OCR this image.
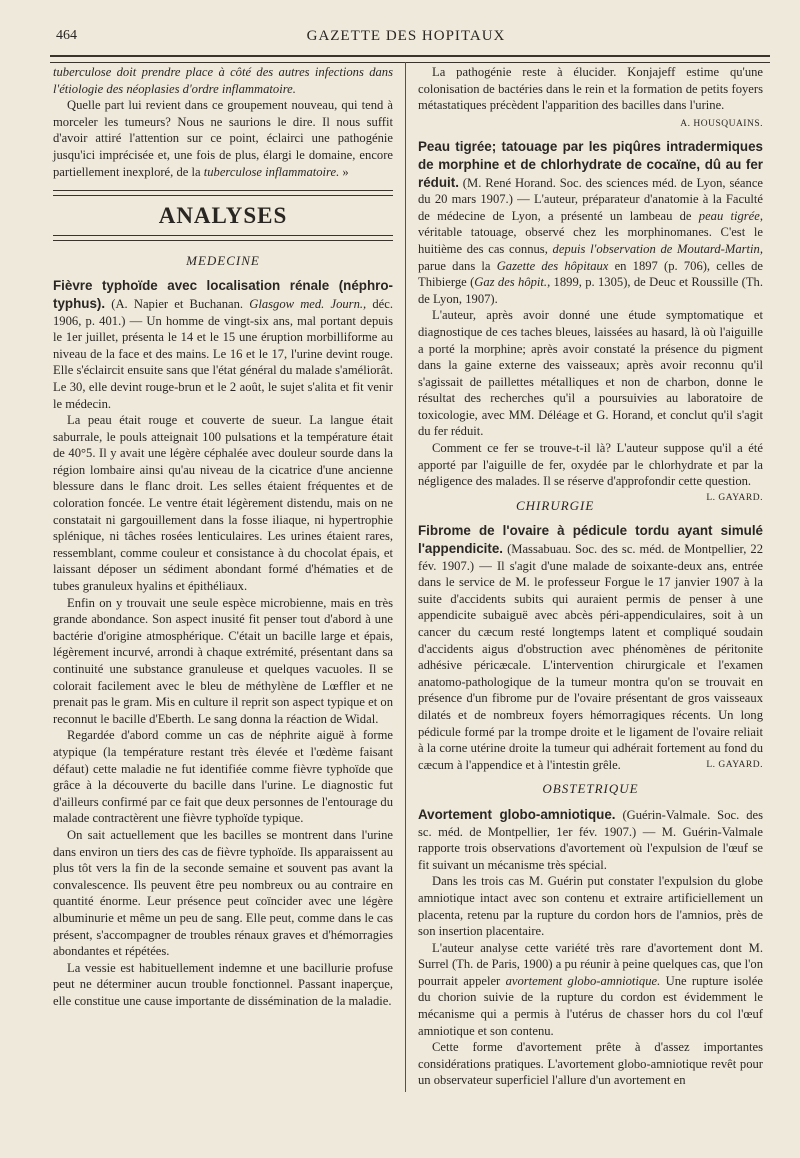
464	GAZETTE DES HOPITAUX

tuberculose doit prendre place à côté des autres infections dans l'étiologie des néoplasies d'ordre inflammatoire.

Quelle part lui revient dans ce groupement nouveau, qui tend à morceler les tumeurs? Nous ne saurions le dire. Il nous suffit d'avoir attiré l'attention sur ce point, éclairci une pathogénie jusqu'ici imprécisée et, une fois de plus, élargi le domaine, encore partiellement inexploré, de la tuberculose inflammatoire. »

ANALYSES
MEDECINE

Fièvre typhoïde avec localisation rénale (néphro-typhus). (A. Napier et Buchanan. Glasgow med. Journ., déc. 1906, p. 401.) — Un homme de vingt-six ans, mal portant depuis le 1er juillet, présenta le 14 et le 15 une éruption morbilliforme au niveau de la face et des mains. Le 16 et le 17, l'urine devint rouge. Elle s'éclaircit ensuite sans que l'état général du malade s'améliorât. Le 30, elle devint rouge-brun et le 2 août, le sujet s'alita et fit venir le médecin.

La peau était rouge et couverte de sueur. La langue était saburrale, le pouls atteignait 100 pulsations et la température était de 40°5. Il y avait une légère céphalée avec douleur sourde dans la région lombaire ainsi qu'au niveau de la cicatrice d'une ancienne blessure dans le flanc droit. Les selles étaient fréquentes et de coloration foncée. Le ventre était légèrement distendu, mais on ne constatait ni gargouillement dans la fosse iliaque, ni hypertrophie splénique, ni tâches rosées lenticulaires. Les urines étaient rares, ressemblant, comme couleur et consistance à du chocolat épais, et laissant déposer un sédiment abondant formé d'hématies et de tubes granuleux hyalins et épithéliaux.

Enfin on y trouvait une seule espèce microbienne, mais en très grande abondance. Son aspect inusité fit penser tout d'abord à une bactérie d'origine atmosphérique. C'était un bacille large et épais, légèrement incurvé, arrondi à chaque extrémité, présentant dans sa continuité une substance granuleuse et quelques vacuoles. Il se colorait facilement avec le bleu de méthylène de Lœffler et ne prenait pas le gram. Mis en culture il reprit son aspect typique et on reconnut le bacille d'Eberth. Le sang donna la réaction de Widal.

Regardée d'abord comme un cas de néphrite aiguë à forme atypique (la température restant très élevée et l'œdème faisant défaut) cette maladie ne fut identifiée comme fièvre typhoïde que grâce à la découverte du bacille dans l'urine. Le diagnostic fut d'ailleurs confirmé par ce fait que deux personnes de l'entourage du malade contractèrent une fièvre typhoïde typique.

On sait actuellement que les bacilles se montrent dans l'urine dans environ un tiers des cas de fièvre typhoïde. Ils apparaissent au plus tôt vers la fin de la seconde semaine et souvent pas avant la convalescence. Ils peuvent être peu nombreux ou au contraire en quantité énorme. Leur présence peut coïncider avec une légère albuminurie et même un peu de sang. Elle peut, comme dans le cas présent, s'accompagner de troubles rénaux graves et d'hémorragies abondantes et répétées.

La vessie est habituellement indemne et une bacillurie profuse peut ne déterminer aucun trouble fonctionnel. Passant inaperçue, elle constitue une cause importante de dissémination de la maladie.

La pathogénie reste à élucider. Konjajeff estime qu'une colonisation de bactéries dans le rein et la formation de petits foyers métastatiques précèdent l'apparition des bacilles dans l'urine.

A. HOUSQUAINS.

Peau tigrée; tatouage par les piqûres intradermiques de morphine et de chlorhydrate de cocaïne, dû au fer réduit. (M. René Horand. Soc. des sciences méd. de Lyon, séance du 20 mars 1907.) — L'auteur, préparateur d'anatomie à la Faculté de médecine de Lyon, a présenté un lambeau de peau tigrée, véritable tatouage, observé chez les morphinomanes. C'est le huitième des cas connus, depuis l'observation de Moutard-Martin, parue dans la Gazette des hôpitaux en 1897 (p. 706), celles de Thibierge (Gaz des hôpit., 1899, p. 1305), de Deuc et Roussille (Th. de Lyon, 1907).

L'auteur, après avoir donné une étude symptomatique et diagnostique de ces taches bleues, laissées au hasard, là où l'aiguille a porté la morphine; après avoir constaté la présence du pigment dans la gaine externe des vaisseaux; après avoir reconnu qu'il s'agissait de paillettes métalliques et non de charbon, donne le résultat des recherches qu'il a poursuivies au laboratoire de toxicologie, avec MM. Déléage et G. Horand, et conclut qu'il s'agit du fer réduit.

Comment ce fer se trouve-t-il là? L'auteur suppose qu'il a été apporté par l'aiguille de fer, oxydée par le chlorhydrate et par la négligence des malades. Il se réserve d'approfondir cette question.
L. GAYARD.

CHIRURGIE

Fibrome de l'ovaire à pédicule tordu ayant simulé l'appendicite. (Massabuau. Soc. des sc. méd. de Montpellier, 22 fév. 1907.) — Il s'agit d'une malade de soixante-deux ans, entrée dans le service de M. le professeur Forgue le 17 janvier 1907 à la suite d'accidents subits qui auraient permis de penser à une appendicite subaiguë avec abcès péri-appendiculaires, soit à un cancer du cæcum resté longtemps latent et compliqué soudain d'accidents aigus d'obstruction avec phénomènes de péritonite adhésive péricæcale. L'intervention chirurgicale et l'examen anatomo-pathologique de la tumeur montra qu'on se trouvait en présence d'un fibrome pur de l'ovaire présentant de gros vaisseaux dilatés et de nombreux foyers hémorragiques récents. Un long pédicule formé par la trompe droite et le ligament de l'ovaire reliait à la corne utérine droite la tumeur qui adhérait fortement au fond du cæcum à l'appendice et à l'intestin grêle.	L. GAYARD.

OBSTETRIQUE

Avortement globo-amniotique. (Guérin-Valmale. Soc. des sc. méd. de Montpellier, 1er fév. 1907.) — M. Guérin-Valmale rapporte trois observations d'avortement où l'expulsion de l'œuf se fit suivant un mécanisme très spécial.

Dans les trois cas M. Guérin put constater l'expulsion du globe amniotique intact avec son contenu et extraire artificiellement un placenta, retenu par la rupture du cordon hors de l'amnios, près de son insertion placentaire.

L'auteur analyse cette variété très rare d'avortement dont M. Surrel (Th. de Paris, 1900) a pu réunir à peine quelques cas, que l'on pourrait appeler avortement globo-amniotique. Une rupture isolée du chorion suivie de la rupture du cordon est évidemment le mécanisme qui a permis à l'utérus de chasser hors du col l'œuf amniotique et son contenu.

Cette forme d'avortement prête à d'assez importantes considérations pratiques. L'avortement globo-amniotique revêt pour un observateur superficiel l'allure d'un avortement en
